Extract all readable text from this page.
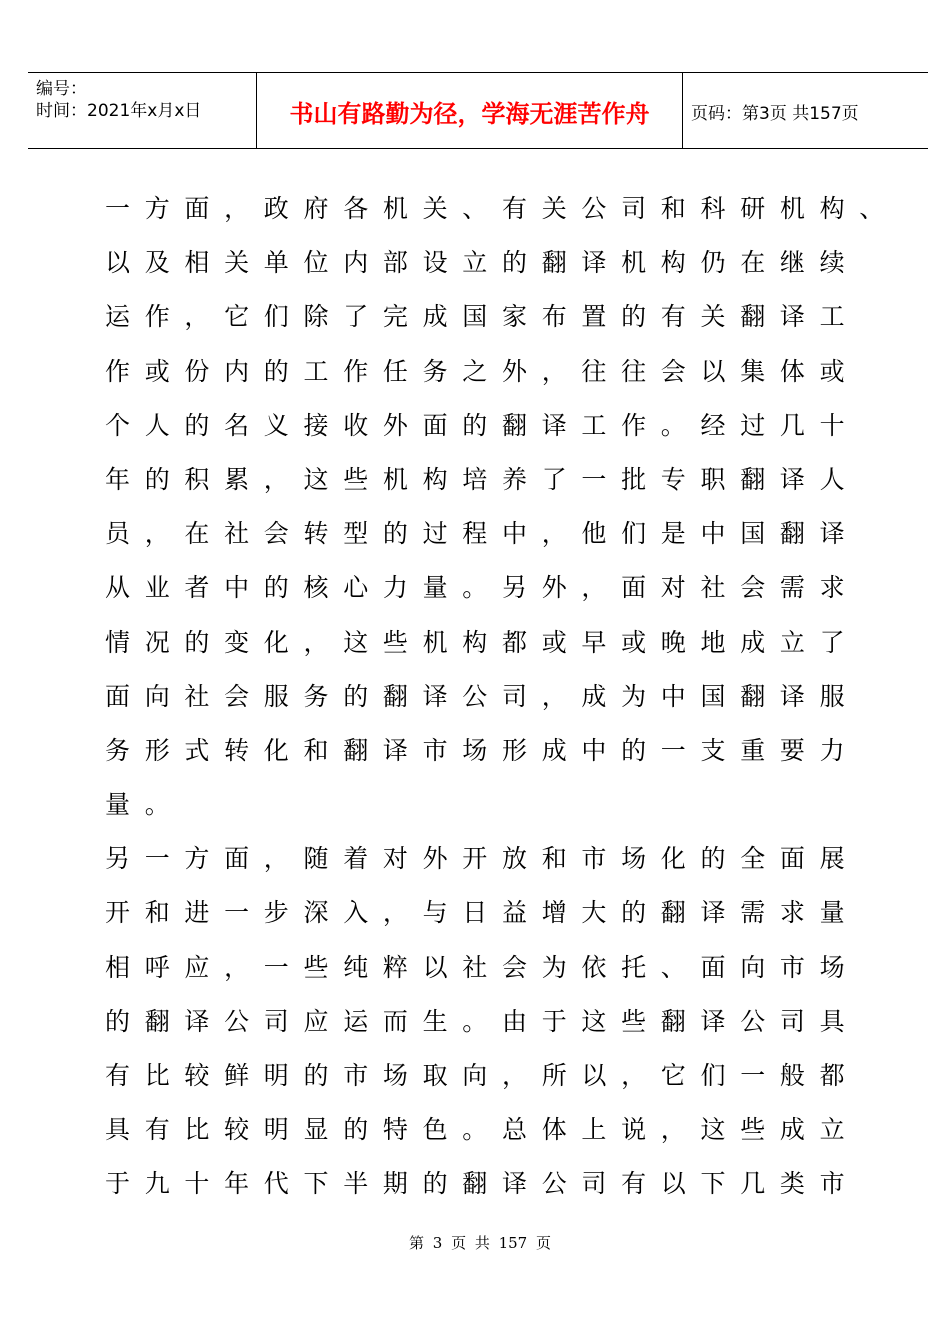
编号：
时间：2021年x月x日	书山有路勤为径，学海无涯苦作舟 页码：第3页 共157页
一方面，政府各机关、有关公司和科研机构、
以及相关单位内部设立的翻译机构仍在继续
运作，它们除了完成国家布置的有关翻译工
作或份内的工作任务之外，往往会以集体或
个人的名义接收外面的翻译工作。经过几十
年的积累，这些机构培养了一批专职翻译人
员，在社会转型的过程中，他们是中国翻译
从业者中的核心力量。另外，面对社会需求
情况的变化，这些机构都或早或晚地成立了
面向社会服务的翻译公司，成为中国翻译服
务形式转化和翻译市场形成中的一支重要力
量。
另一方面，随着对外开放和市场化的全面展
开和进一步深入，与日益增大的翻译需求量
相呼应，一些纯粹以社会为依托、面向市场
的翻译公司应运而生。由于这些翻译公司具
有比较鲜明的市场取向，所以，它们一般都
具有比较明显的特色。总体上说，这些成立
于九十年代下半期的翻译公司有以下几类市
第 3 页 共 157 页
